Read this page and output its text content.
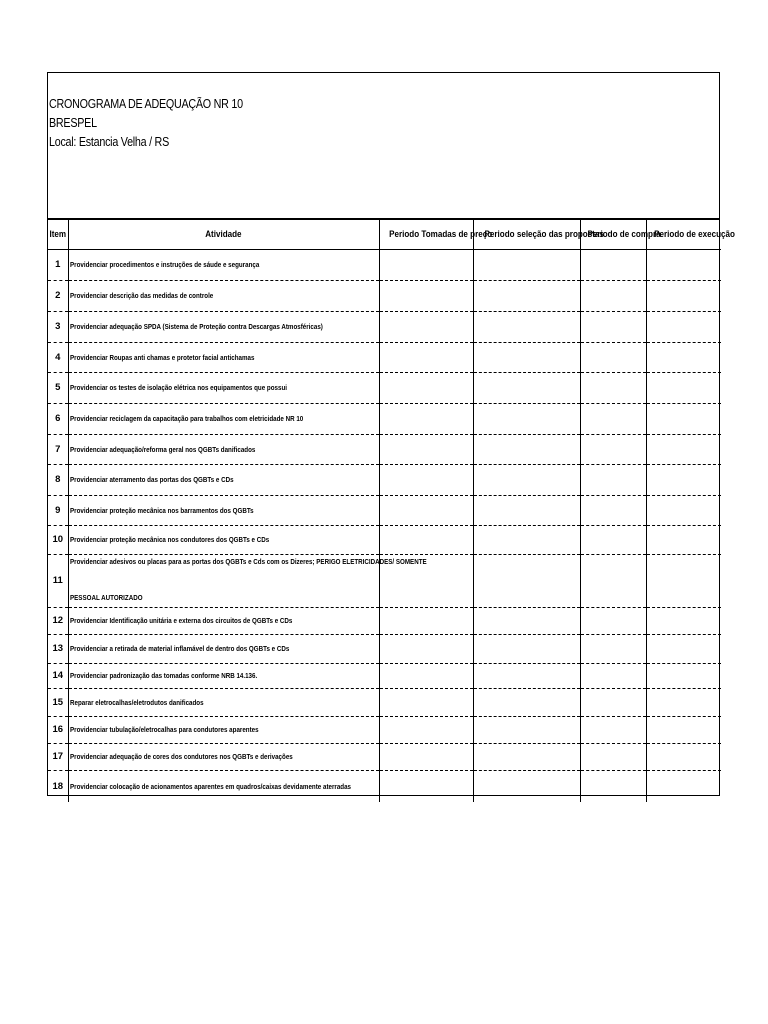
CRONOGRAMA DE ADEQUAÇÃO NR 10
BRESPEL
Local: Estancia Velha / RS
Item	Atividade	Periodo Tomadas de preço	Periodo seleção das propostas	Periodo de compra	Periodo de execução
1	Providenciar procedimentos e instruções de sáude e segurança				
2	Providenciar descrição das medidas de controle				
3	Providenciar adequação SPDA (Sistema de Proteção contra Descargas Atmosféricas)				
4	Providenciar Roupas anti chamas e protetor facial antichamas				
5	Providenciar os testes de isolação elétrica nos equipamentos que possui				
6	Providenciar reciclagem da capacitação para trabalhos com eletricidade NR 10				
7	Providenciar adequação/reforma geral nos QGBTs danificados				
8	Providenciar aterramento das portas dos QGBTs e CDs				
9	Providenciar proteção mecânica nos barramentos dos QGBTs				
10	Providenciar proteção mecânica nos condutores dos QGBTs e CDs				
11	Providenciar adesivos ou placas para as portas dos QGBTs e Cds com os Dizeres; PERIGO ELETRICIDADES/ SOMENTE
PESSOAL AUTORIZADO				

12	Providenciar Identificação unitária e externa dos circuitos de QGBTs e CDs				
13	Providenciar a retirada de material inflamável de dentro dos QGBTs e CDs				
14	Providenciar padronização das tomadas conforme NRB 14.136.				
15	Reparar eletrocalhas/eletrodutos danificados				
16	Providenciar tubulação/eletrocalhas para condutores aparentes				
17	Providenciar adequação de cores dos condutores nos QGBTs e derivações				
18	Providenciar colocação de acionamentos aparentes em quadros/caixas devidamente aterradas				
